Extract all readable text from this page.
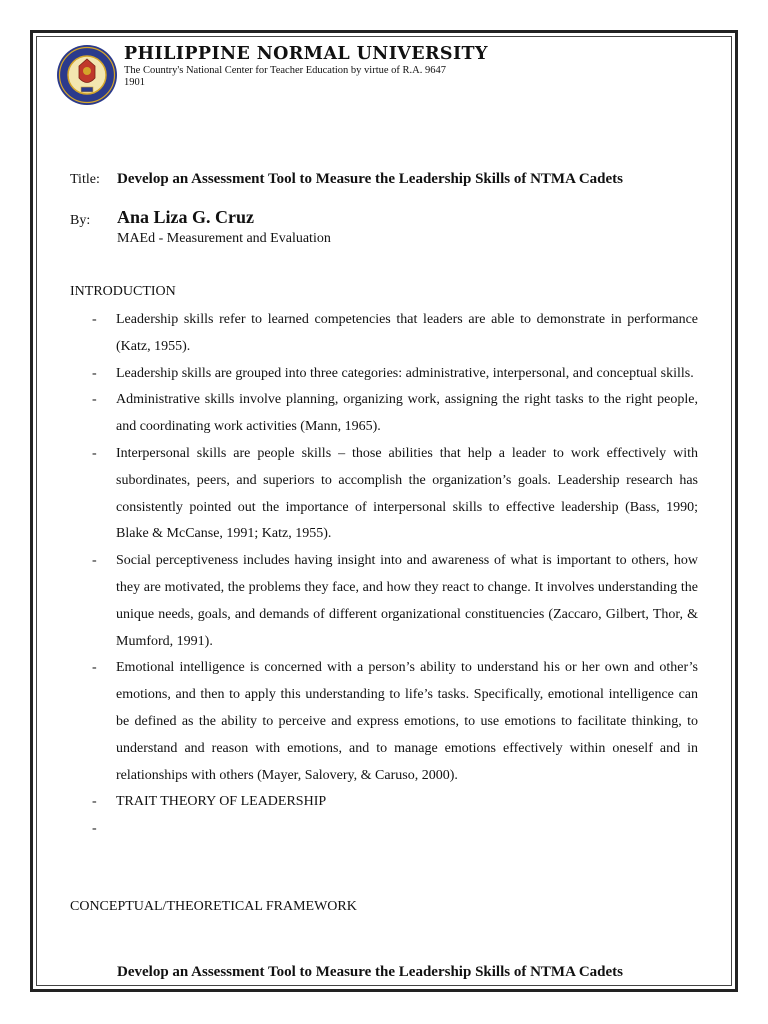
PHILIPPINE NORMAL UNIVERSITY
The Country's National Center for Teacher Education by virtue of R.A. 9647
1901
Title: Develop an Assessment Tool to Measure the Leadership Skills of NTMA Cadets
By:	Ana Liza G. Cruz
MAEd - Measurement and Evaluation
INTRODUCTION
- Leadership skills refer to learned competencies that leaders are able to demonstrate in performance (Katz, 1955).
- Leadership skills are grouped into three categories: administrative, interpersonal, and conceptual skills.
- Administrative skills involve planning, organizing work, assigning the right tasks to the right people, and coordinating work activities (Mann, 1965).
- Interpersonal skills are people skills – those abilities that help a leader to work effectively with subordinates, peers, and superiors to accomplish the organization’s goals. Leadership research has consistently pointed out the importance of interpersonal skills to effective leadership (Bass, 1990; Blake & McCanse, 1991; Katz, 1955).
- Social perceptiveness includes having insight into and awareness of what is important to others, how they are motivated, the problems they face, and how they react to change. It involves understanding the unique needs, goals, and demands of different organizational constituencies (Zaccaro, Gilbert, Thor, & Mumford, 1991).
- Emotional intelligence is concerned with a person’s ability to understand his or her own and other’s emotions, and then to apply this understanding to life’s tasks. Specifically, emotional intelligence can be defined as the ability to perceive and express emotions, to use emotions to facilitate thinking, to understand and reason with emotions, and to manage emotions effectively within oneself and in relationships with others (Mayer, Salovery, & Caruso, 2000).
- TRAIT THEORY OF LEADERSHIP
-

CONCEPTUAL/THEORETICAL FRAMEWORK
Develop an Assessment Tool to Measure the Leadership Skills of NTMA Cadets
